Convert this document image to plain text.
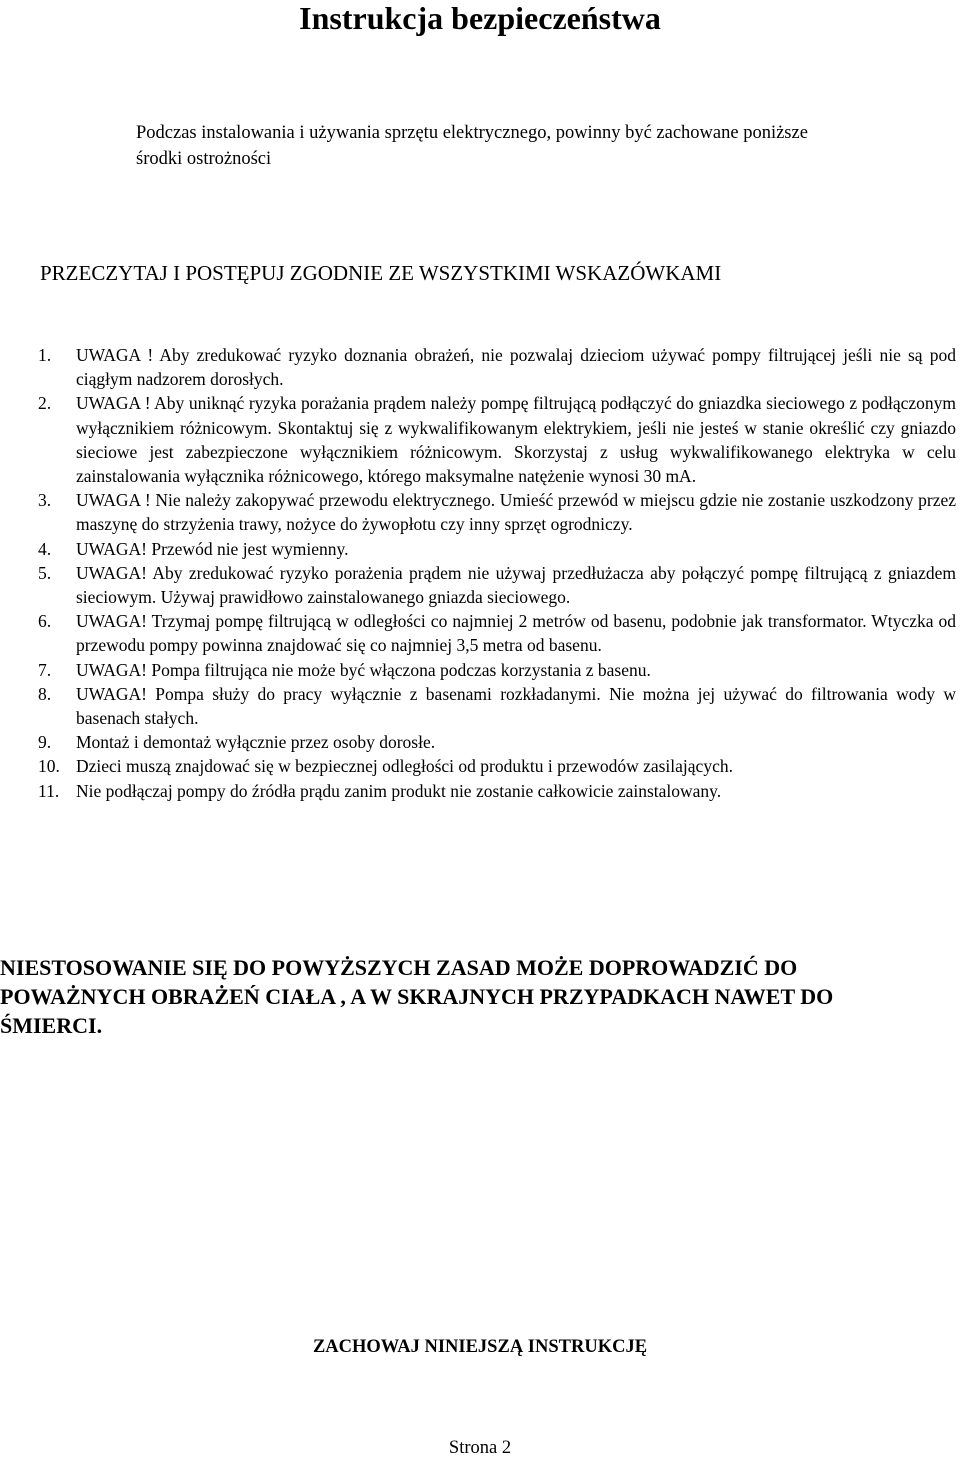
Instrukcja bezpieczeństwa
Podczas instalowania i używania sprzętu elektrycznego, powinny być zachowane poniższe środki ostrożności
PRZECZYTAJ I POSTĘPUJ ZGODNIE ZE WSZYSTKIMI WSKAZÓWKAMI
1. UWAGA ! Aby zredukować ryzyko doznania obrażeń, nie pozwalaj dzieciom używać pompy filtrującej jeśli nie są pod ciągłym nadzorem dorosłych.
2. UWAGA ! Aby uniknąć ryzyka porażania prądem należy pompę filtrującą podłączyć do gniazdka sieciowego z podłączonym wyłącznikiem różnicowym. Skontaktuj się z wykwalifikowanym elektrykiem, jeśli nie jesteś w stanie określić czy gniazdo sieciowe jest zabezpieczone wyłącznikiem różnicowym. Skorzystaj z usług wykwalifikowanego elektryka w celu zainstalowania wyłącznika różnicowego, którego maksymalne natężenie wynosi 30 mA.
3. UWAGA ! Nie należy zakopywać przewodu elektrycznego. Umieść przewód w miejscu gdzie nie zostanie uszkodzony przez maszynę do strzyżenia trawy, nożyce do żywopłotu czy inny sprzęt ogrodniczy.
4. UWAGA! Przewód nie jest wymienny.
5. UWAGA! Aby zredukować ryzyko porażenia prądem nie używaj przedłużacza aby połączyć pompę filtrującą z gniazdem sieciowym. Używaj prawidłowo zainstalowanego gniazda sieciowego.
6. UWAGA! Trzymaj pompę filtrującą w odległości co najmniej 2 metrów od basenu, podobnie jak transformator. Wtyczka od przewodu pompy powinna znajdować się co najmniej 3,5 metra od basenu.
7. UWAGA! Pompa filtrująca nie może być włączona podczas korzystania z basenu.
8. UWAGA! Pompa służy do pracy wyłącznie z basenami rozkładanymi. Nie można jej używać do filtrowania wody w basenach stałych.
9. Montaż i demontaż wyłącznie przez osoby dorosłe.
10. Dzieci muszą znajdować się w bezpiecznej odległości od produktu i przewodów zasilających.
11. Nie podłączaj pompy do źródła prądu zanim produkt nie zostanie całkowicie zainstalowany.

NIESTOSOWANIE SIĘ DO POWYŻSZYCH ZASAD MOŻE DOPROWADZIĆ DO POWAŻNYCH OBRAŻEŃ CIAŁA , A W SKRAJNYCH PRZYPADKACH NAWET DO ŚMIERCI.

ZACHOWAJ NINIEJSZĄ INSTRUKCJĘ
Strona 2
